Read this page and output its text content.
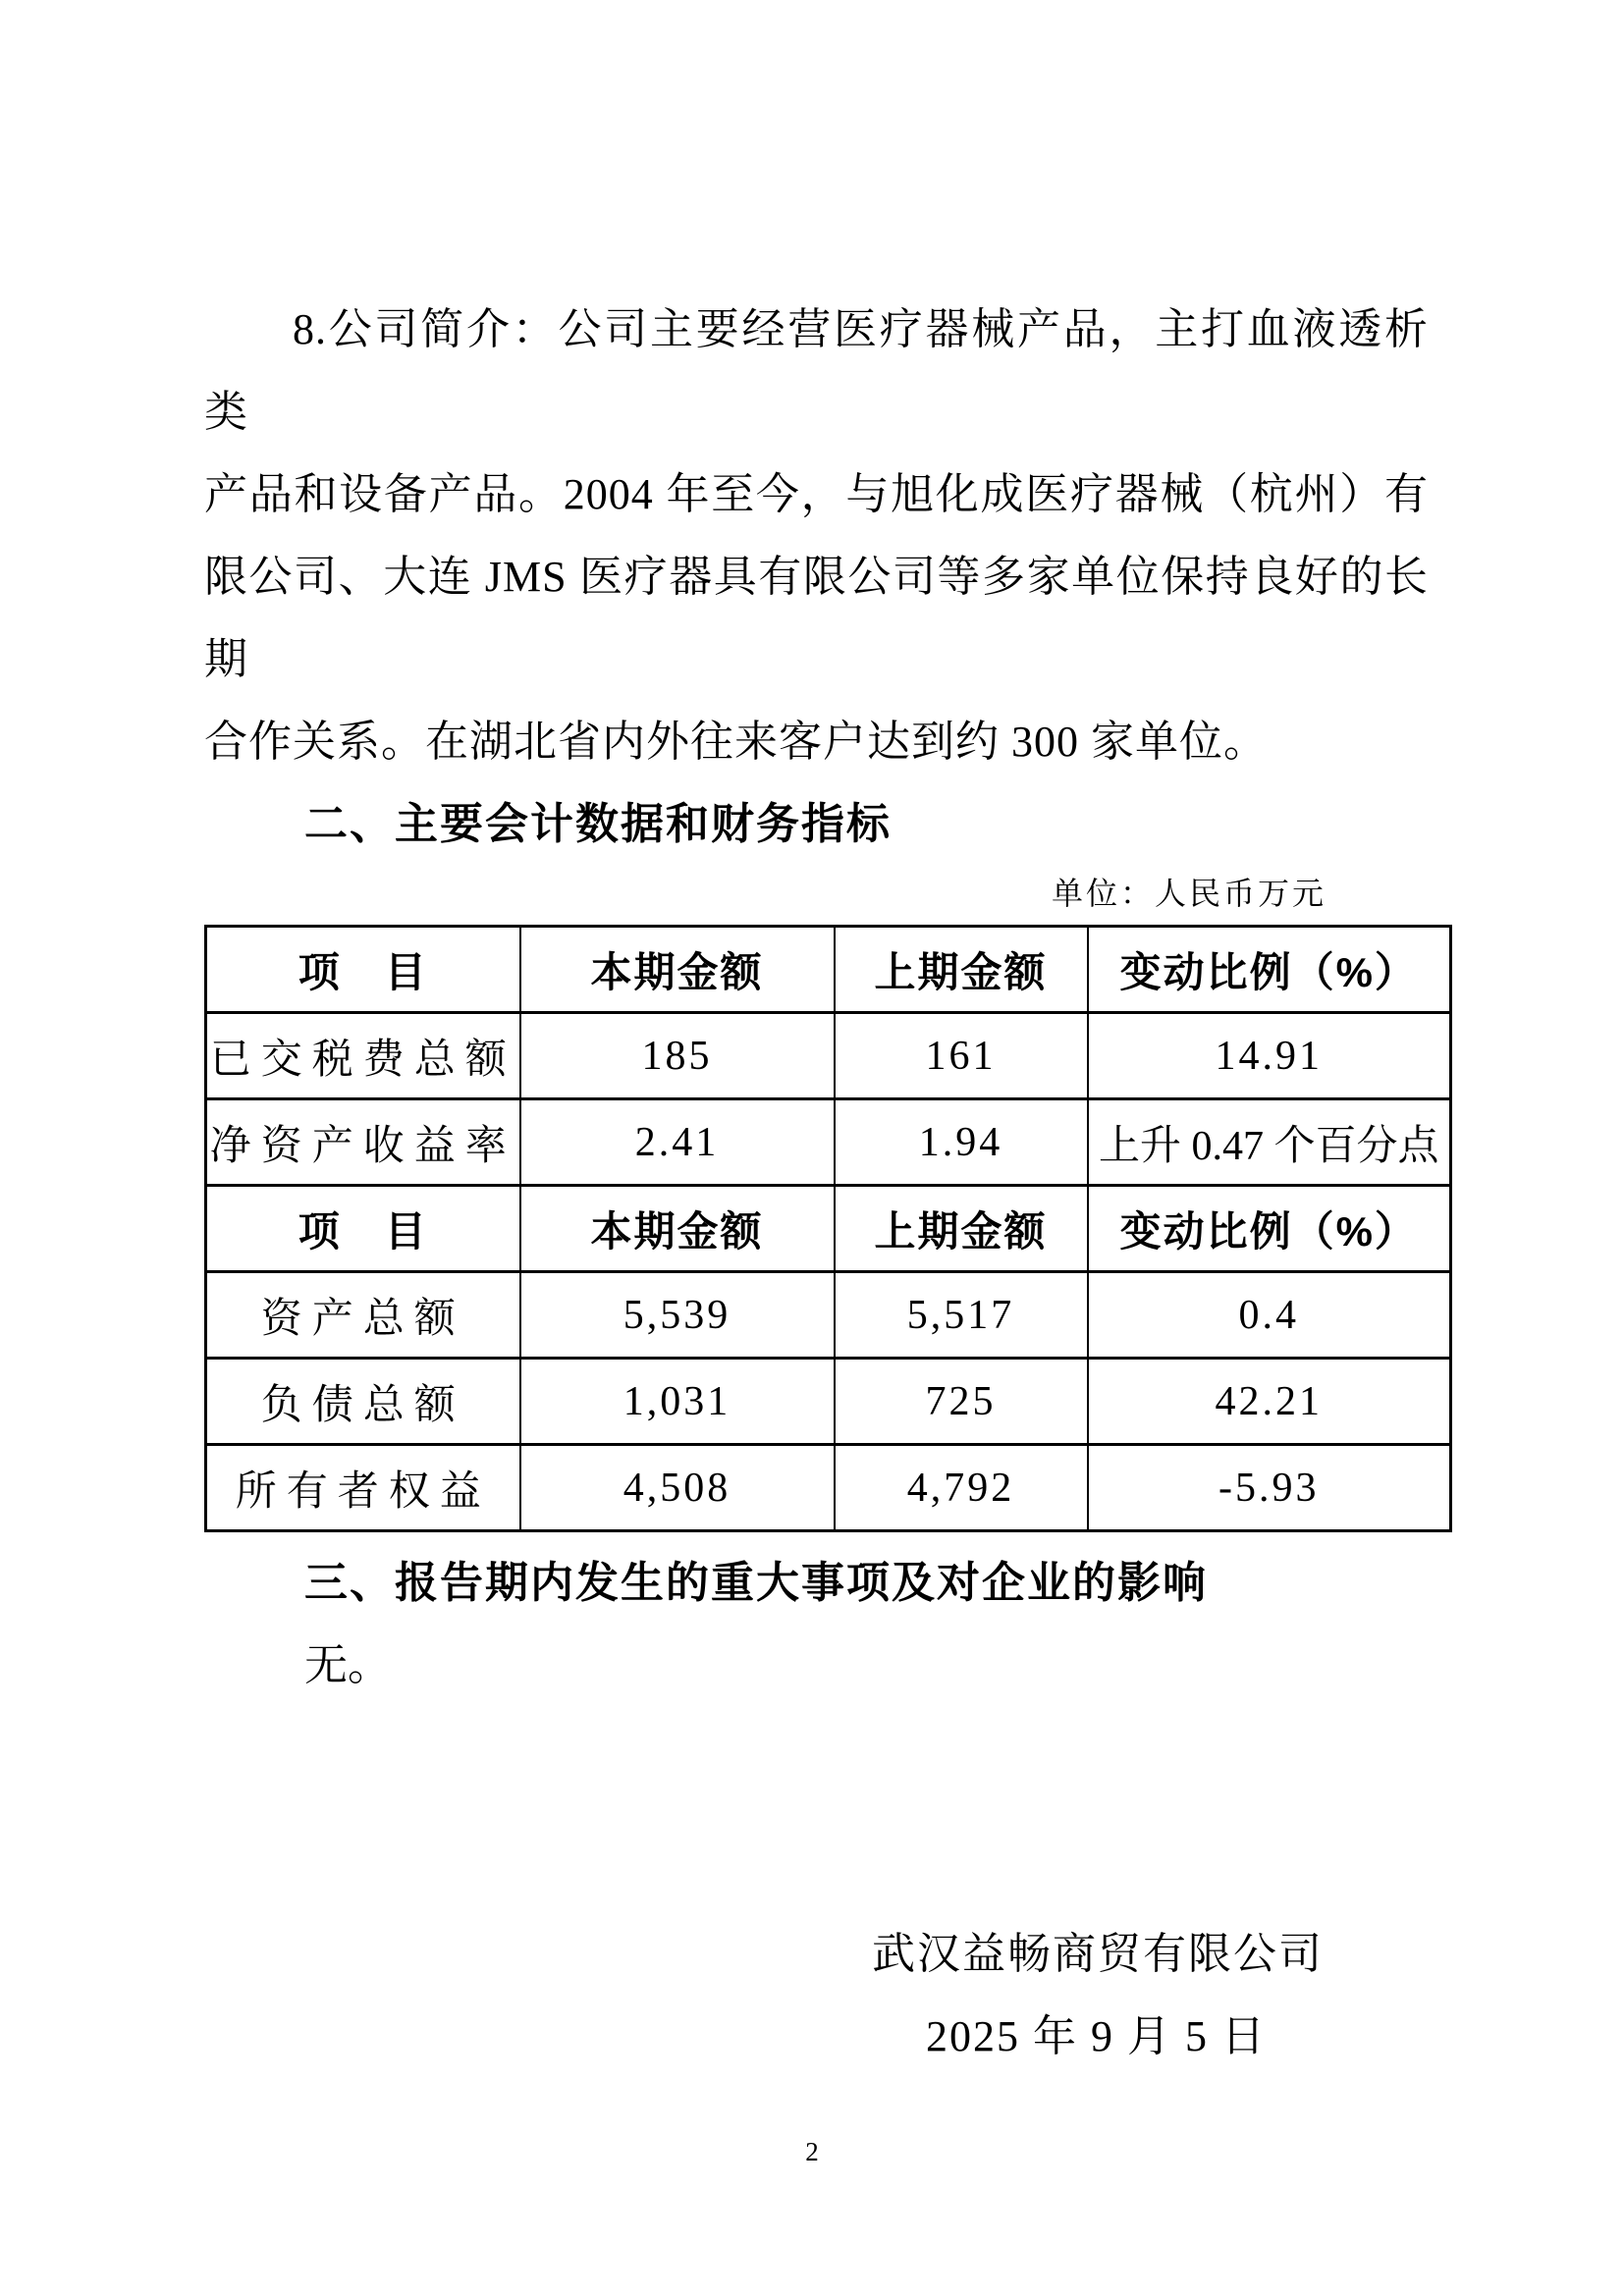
8.公司简介：公司主要经营医疗器械产品，主打血液透析类

产品和设备产品。2004 年至今，与旭化成医疗器械（杭州）有

限公司、大连 JMS 医疗器具有限公司等多家单位保持良好的长期

合作关系。在湖北省内外往来客户达到约 300 家单位。

二、主要会计数据和财务指标
单位：人民币万元
项　目	本期金额	上期金额	变动比例（%）
已交税费总额	185	161	14.91
净资产收益率	2.41	1.94	上升 0.47 个百分点
项　目	本期金额	上期金额	变动比例（%）
资产总额	5,539	5,517	0.4
负债总额	1,031	725	42.21
所有者权益	4,508	4,792	-5.93
三、报告期内发生的重大事项及对企业的影响

无。

武汉益畅商贸有限公司
2025 年 9 月 5 日
2
